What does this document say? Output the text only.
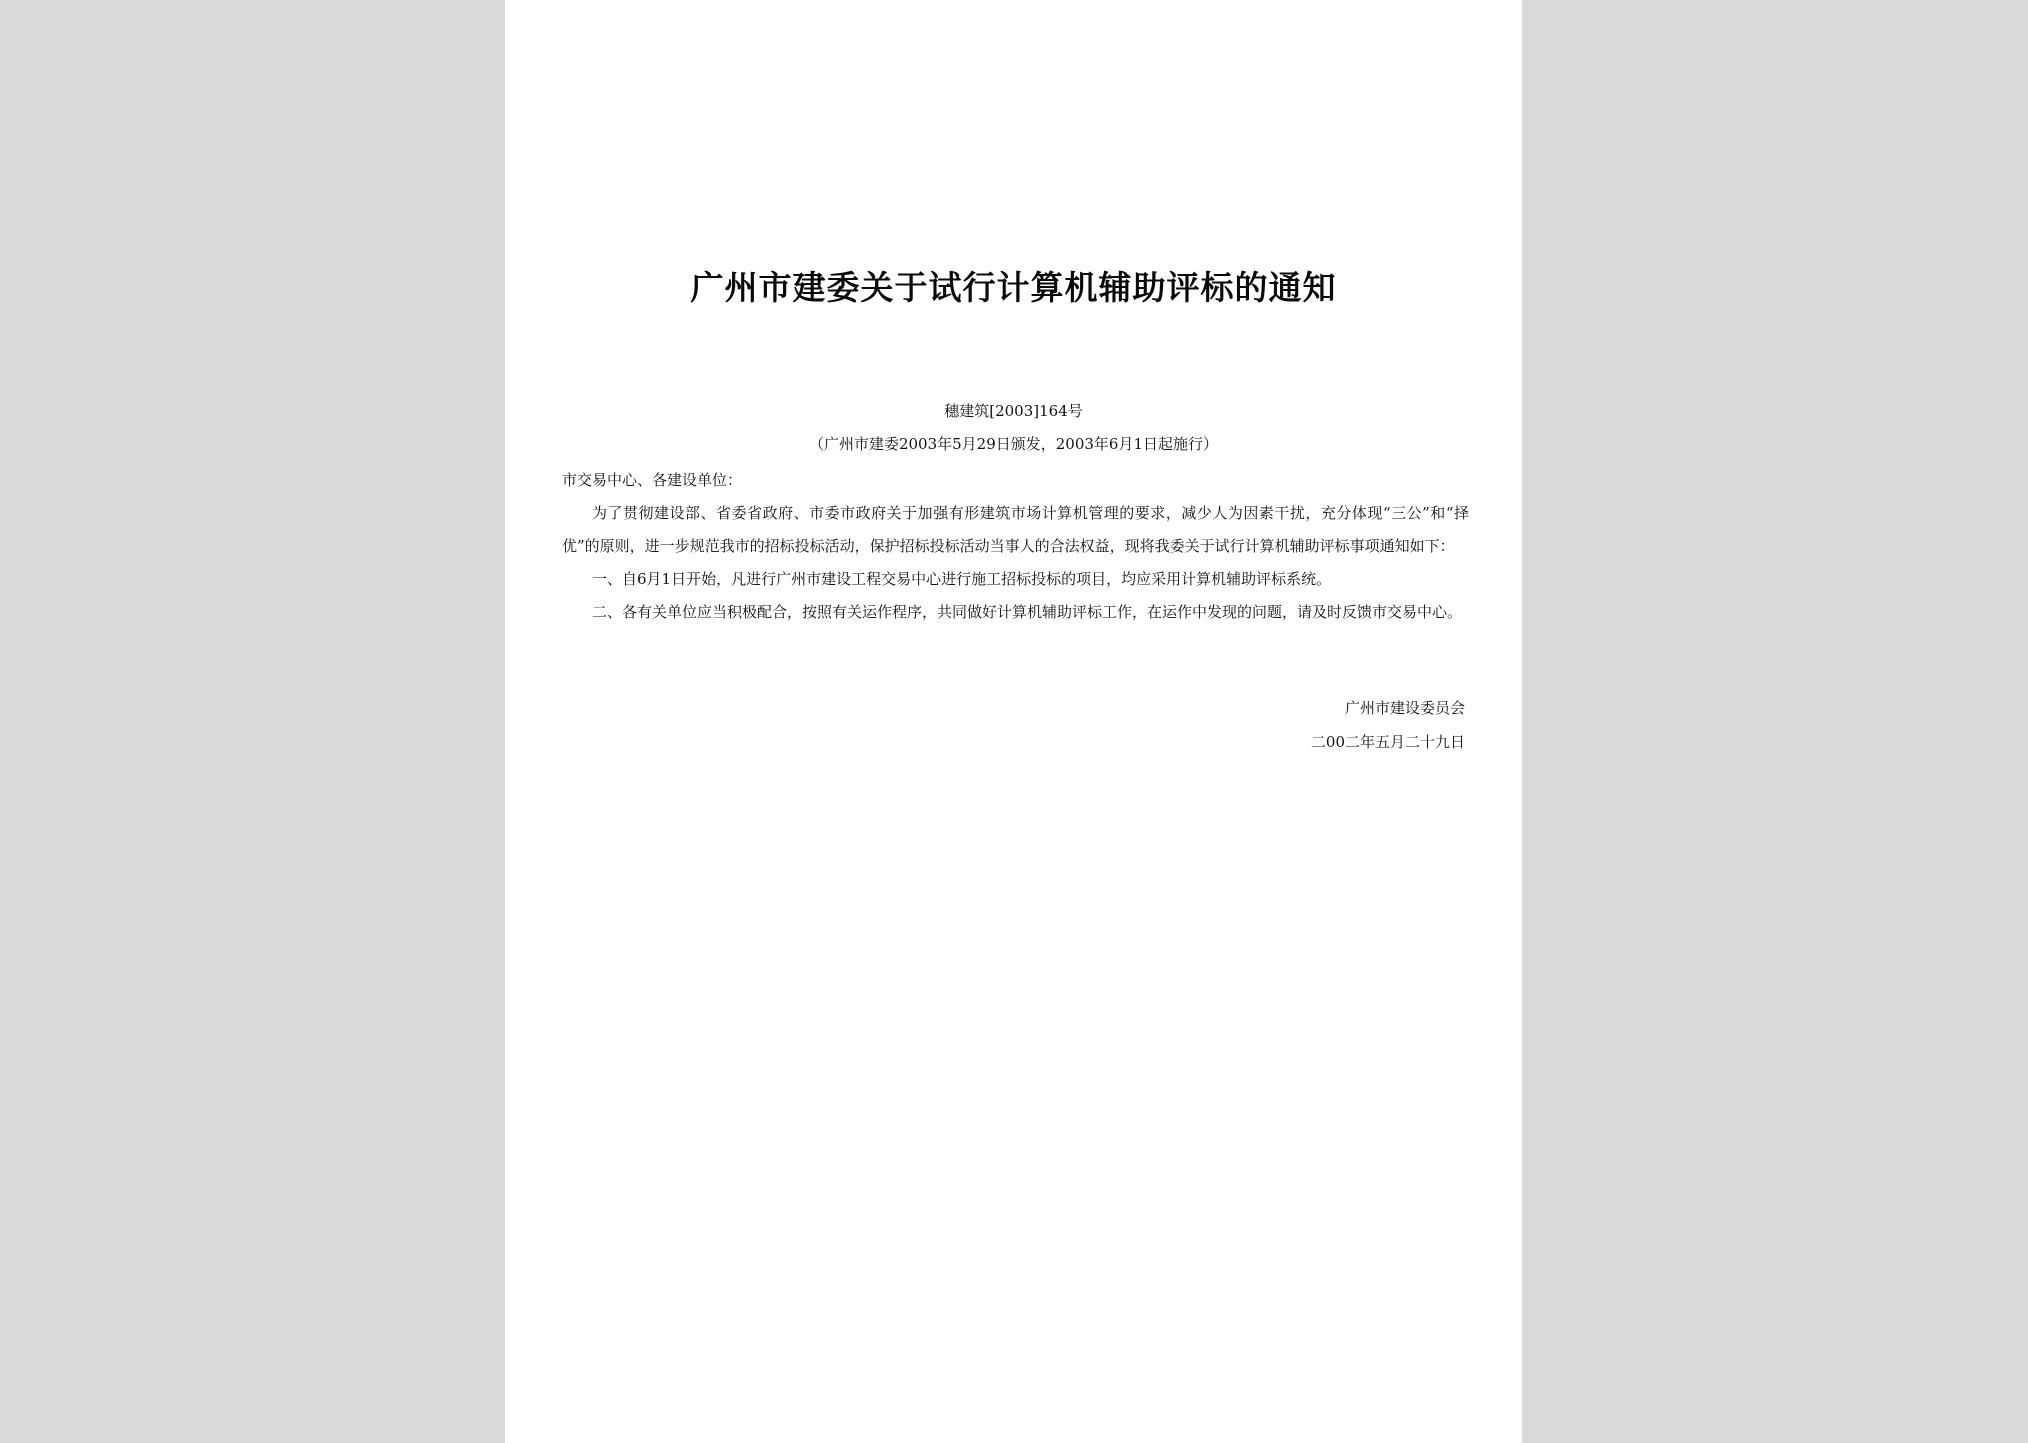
广州市建委关于试行计算机辅助评标的通知
穗建筑[2003]164号
（广州市建委2003年5月29日颁发，2003年6月1日起施行）

市交易中心、各建设单位：

为了贯彻建设部、省委省政府、市委市政府关于加强有形建筑市场计算机管理的要求，减少人为因素干扰，充分体现“三公”和“择优”的原则，进一步规范我市的招标投标活动，保护招标投标活动当事人的合法权益，现将我委关于试行计算机辅助评标事项通知如下：

一、自6月1日开始，凡进行广州市建设工程交易中心进行施工招标投标的项目，均应采用计算机辅助评标系统。

二、各有关单位应当积极配合，按照有关运作程序，共同做好计算机辅助评标工作，在运作中发现的问题，请及时反馈市交易中心。

广州市建设委员会
二00二年五月二十九日
